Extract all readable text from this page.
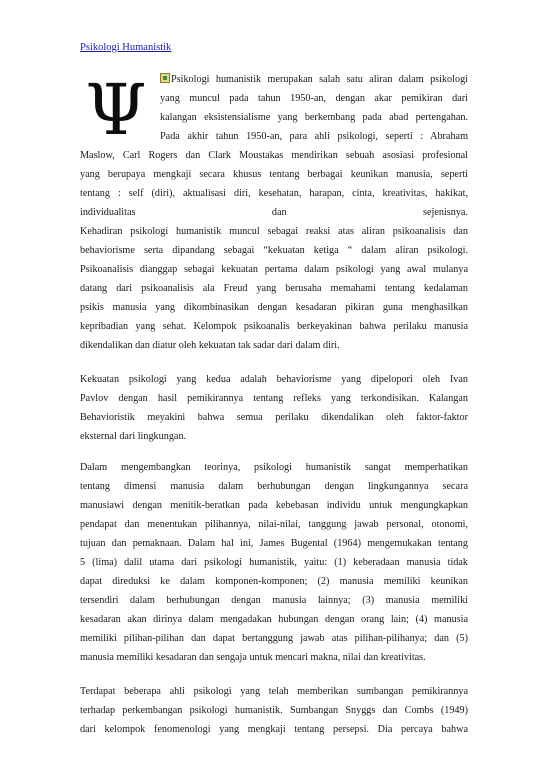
Psikologi Humanistik
Ψ	Psikologi humanistik merupakan salah satu aliran dalam psikologi
yang muncul pada tahun 1950-an, dengan akar pemikiran dari
kalangan eksistensialisme yang berkembang pada abad pertengahan.
Pada akhir tahun 1950-an, para ahli psikologi, seperti : Abraham
Maslow, Carl Rogers dan Clark Moustakas mendirikan sebuah asosiasi profesional
yang berupaya mengkaji secara khusus tentang berbagai keunikan manusia, seperti
tentang : self (diri), aktualisasi diri, kesehatan, harapan, cinta, kreativitas, hakikat,
individualitas dan sejenisnya.
Kehadiran psikologi humanistik muncul sebagai reaksi atas aliran psikoanalisis dan
behaviorisme serta dipandang sebagai “kekuatan ketiga “ dalam aliran psikologi.
Psikoanalisis dianggap sebagai kekuatan pertama dalam psikologi yang awal mulanya
datang dari psikoanalisis ala Freud yang berusaha memahami tentang kedalaman
psikis manusia yang dikombinasikan dengan kesadaran pikiran guna menghasilkan
kepribadian yang sehat. Kelompok psikoanalis berkeyakinan bahwa perilaku manusia
dikendalikan dan diatur oleh kekuatan tak sadar dari dalam diri.
Kekuatan psikologi yang kedua adalah behaviorisme yang dipelopori oleh Ivan
Pavlov dengan hasil pemikirannya tentang refleks yang terkondisikan. Kalangan
Behavioristik meyakini bahwa semua perilaku dikendalikan oleh faktor-faktor
eksternal dari lingkungan.
Dalam mengembangkan teorinya, psikologi humanistik sangat memperhatikan
tentang dimensi manusia dalam berhubungan dengan lingkungannya secara
manusiawi dengan menitik-beratkan pada kebebasan individu untuk mengungkapkan
pendapat dan menentukan pilihannya, nilai-nilai, tanggung jawab personal, otonomi,
tujuan dan pemaknaan. Dalam hal ini, James Bugental (1964) mengemukakan tentang
5 (lima) dalil utama dari psikologi humanistik, yaitu: (1) keberadaan manusia tidak
dapat direduksi ke dalam komponen-komponen; (2) manusia memiliki keunikan
tersendiri dalam berhubungan dengan manusia lainnya; (3) manusia memiliki
kesadaran akan dirinya dalam mengadakan hubungan dengan orang lain; (4) manusia
memiliki pilihan-pilihan dan dapat bertanggung jawab atas pilihan-pilihanya; dan (5)
manusia memiliki kesadaran dan sengaja untuk mencari makna, nilai dan kreativitas.
Terdapat beberapa ahli psikologi yang telah memberikan sumbangan pemikirannya
terhadap perkembangan psikologi humanistik. Sumbangan Snyggs dan Combs (1949)
dari kelompok fenomenologi yang mengkaji tentang persepsi. Dia percaya bahwa
